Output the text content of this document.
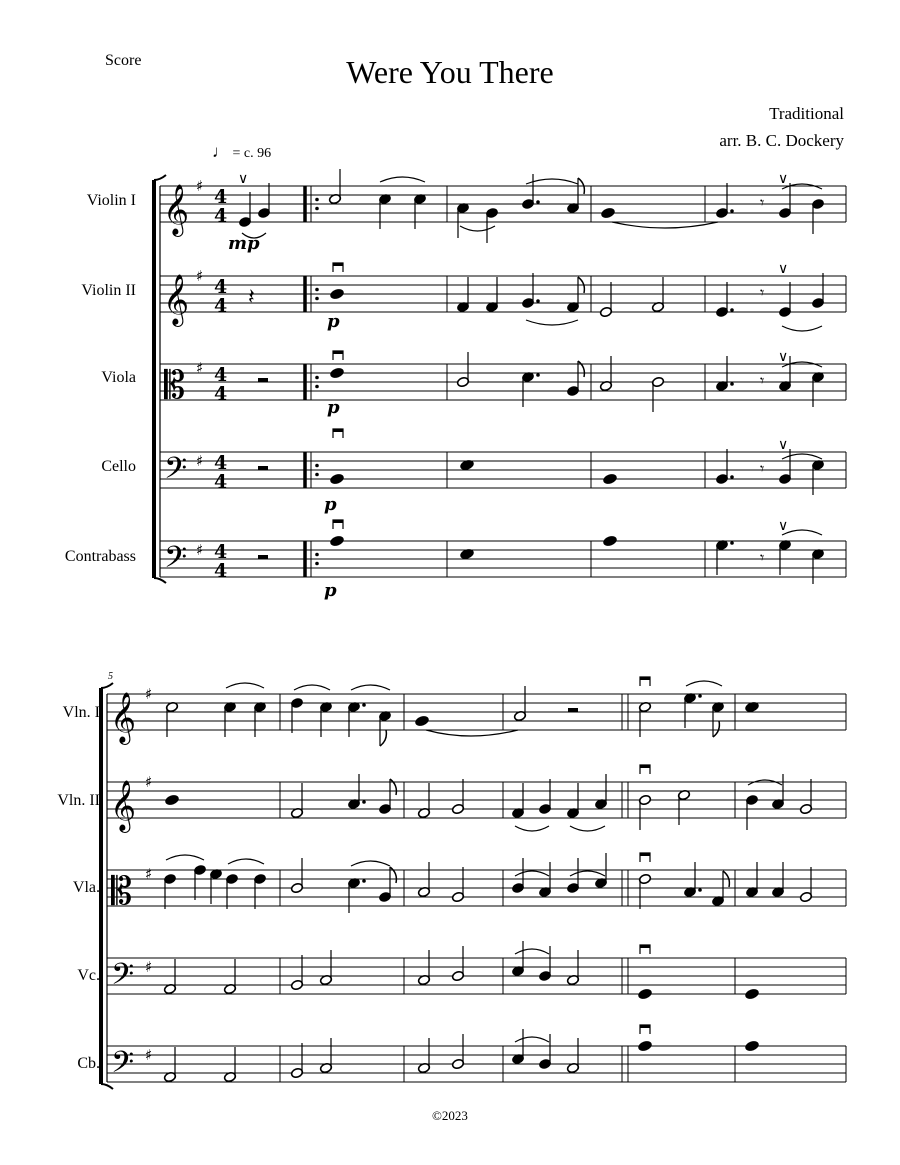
Score	Were You There
Traditional
arr. B. C. Dockery
♩ = c. 96
Violin I
Violin II
Viola
Cello
Contrabass
Vln. I
Vln. II
Vla.
Vc.
Cb.
5
mp
p
p
p
p
©2023
𝄞 ♯ 4
4
𝄞 ♯ 4
4
𝄡 ♯ 4
4
𝄢 ♯ 4
4
𝄢 ♯ 4
4
∨
𝄾
∨
𝄽	𝄾
∨
𝄾
∨
𝄾
∨
𝄾
∨
𝄞 ♯
𝄞 ♯
𝄡 ♯
𝄢 ♯
𝄢 ♯
